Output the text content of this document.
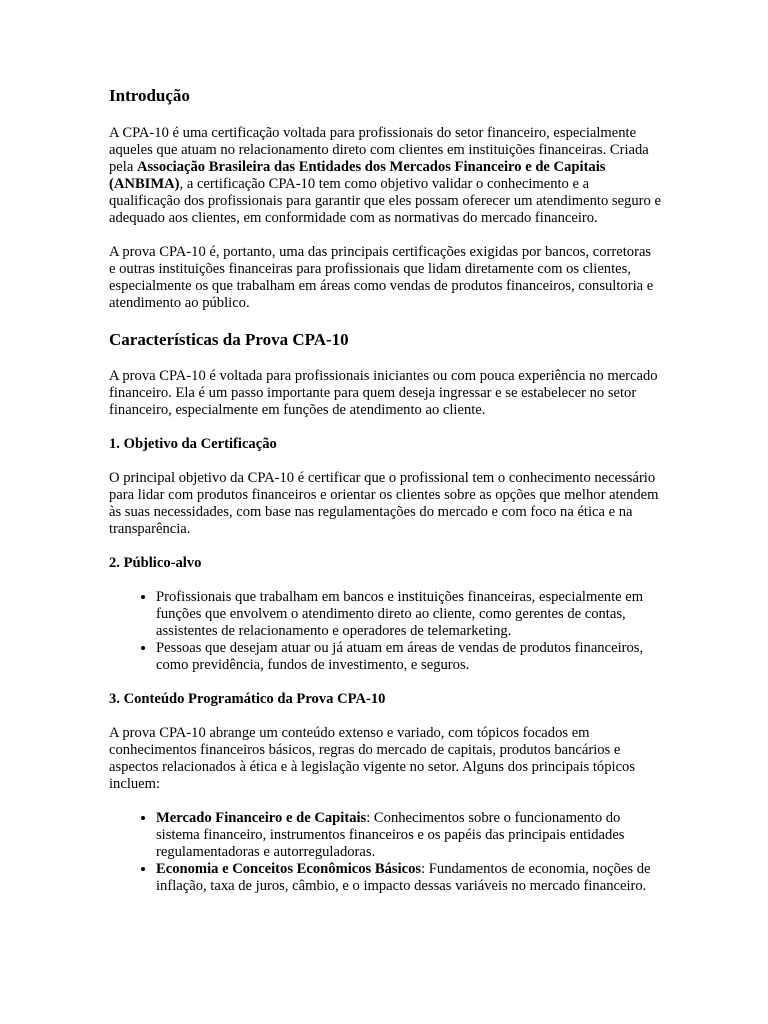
Introdução

A CPA-10 é uma certificação voltada para profissionais do setor financeiro, especialmente aqueles que atuam no relacionamento direto com clientes em instituições financeiras. Criada pela Associação Brasileira das Entidades dos Mercados Financeiro e de Capitais (ANBIMA), a certificação CPA-10 tem como objetivo validar o conhecimento e a qualificação dos profissionais para garantir que eles possam oferecer um atendimento seguro e adequado aos clientes, em conformidade com as normativas do mercado financeiro.

A prova CPA-10 é, portanto, uma das principais certificações exigidas por bancos, corretoras e outras instituições financeiras para profissionais que lidam diretamente com os clientes, especialmente os que trabalham em áreas como vendas de produtos financeiros, consultoria e atendimento ao público.

Características da Prova CPA-10

A prova CPA-10 é voltada para profissionais iniciantes ou com pouca experiência no mercado financeiro. Ela é um passo importante para quem deseja ingressar e se estabelecer no setor financeiro, especialmente em funções de atendimento ao cliente.

1. Objetivo da Certificação

O principal objetivo da CPA-10 é certificar que o profissional tem o conhecimento necessário para lidar com produtos financeiros e orientar os clientes sobre as opções que melhor atendem às suas necessidades, com base nas regulamentações do mercado e com foco na ética e na transparência.

2. Público-alvo
• Profissionais que trabalham em bancos e instituições financeiras, especialmente em funções que envolvem o atendimento direto ao cliente, como gerentes de contas, assistentes de relacionamento e operadores de telemarketing.
• Pessoas que desejam atuar ou já atuam em áreas de vendas de produtos financeiros, como previdência, fundos de investimento, e seguros.
3. Conteúdo Programático da Prova CPA-10

A prova CPA-10 abrange um conteúdo extenso e variado, com tópicos focados em conhecimentos financeiros básicos, regras do mercado de capitais, produtos bancários e aspectos relacionados à ética e à legislação vigente no setor. Alguns dos principais tópicos incluem:

• Mercado Financeiro e de Capitais: Conhecimentos sobre o funcionamento do sistema financeiro, instrumentos financeiros e os papéis das principais entidades regulamentadoras e autorreguladoras.
• Economia e Conceitos Econômicos Básicos: Fundamentos de economia, noções de inflação, taxa de juros, câmbio, e o impacto dessas variáveis no mercado financeiro.
